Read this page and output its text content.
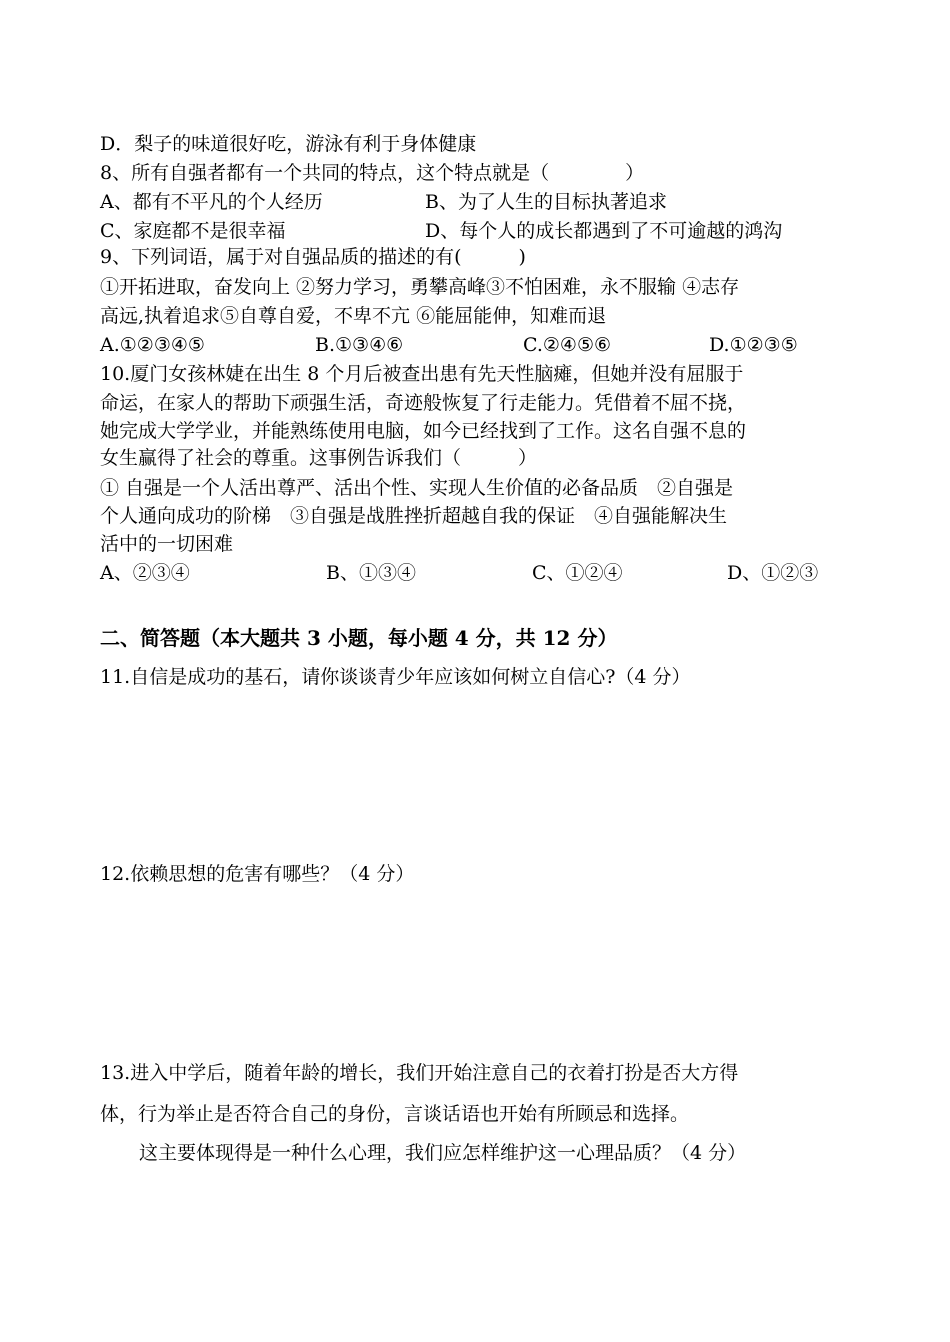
D．梨子的味道很好吃，游泳有利于身体健康
8、所有自强者都有一个共同的特点，这个特点就是（　　　　）
A、都有不平凡的个人经历	B、为了人生的目标执著追求
C、家庭都不是很幸福	D、每个人的成长都遇到了不可逾越的鸿沟
9、下列词语，属于对自强品质的描述的有(　　　)
①开拓进取，奋发向上 ②努力学习，勇攀高峰③不怕困难，永不服输 ④志存
高远,执着追求⑤自尊自爱，不卑不亢 ⑥能屈能伸，知难而退
A.①②③④⑤	B.①③④⑥	C.②④⑤⑥	D.①②③⑤
10.厦门女孩林婕在出生 8 个月后被查出患有先天性脑瘫，但她并没有屈服于
命运，在家人的帮助下顽强生活，奇迹般恢复了行走能力。凭借着不屈不挠，
她完成大学学业，并能熟练使用电脑，如今已经找到了工作。这名自强不息的
女生赢得了社会的尊重。这事例告诉我们（　　　）
① 自强是一个人活出尊严、活出个性、实现人生价值的必备品质　②自强是
个人通向成功的阶梯　③自强是战胜挫折超越自我的保证　④自强能解决生
活中的一切困难
A、②③④	B、①③④	C、①②④	D、①②③
二、简答题（本大题共 3 小题，每小题 4 分，共 12 分）
11.自信是成功的基石，请你谈谈青少年应该如何树立自信心?（4 分）
12.依赖思想的危害有哪些？（4 分）
13.进入中学后，随着年龄的增长，我们开始注意自己的衣着打扮是否大方得
体，行为举止是否符合自己的身份，言谈话语也开始有所顾忌和选择。
这主要体现得是一种什么心理，我们应怎样维护这一心理品质？（4 分）
